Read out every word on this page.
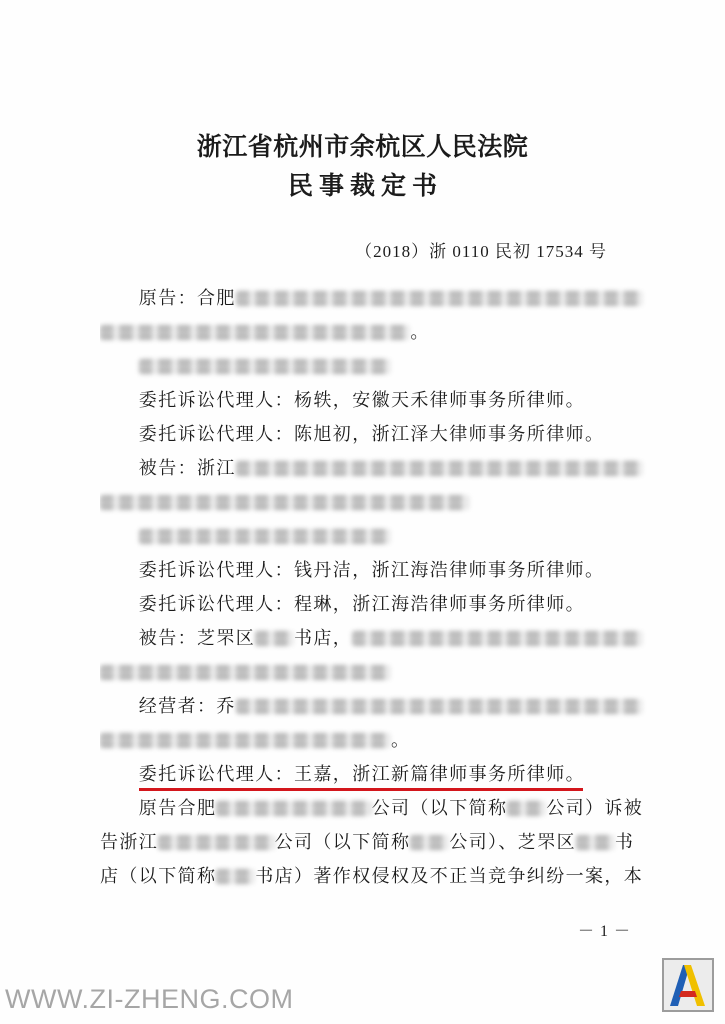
浙江省杭州市余杭区人民法院
民事裁定书
（2018）浙 0110 民初 17534 号
原告：合肥
。
委托诉讼代理人：杨轶，安徽天禾律师事务所律师。
委托诉讼代理人：陈旭初，浙江泽大律师事务所律师。
被告：浙江
委托诉讼代理人：钱丹洁，浙江海浩律师事务所律师。
委托诉讼代理人：程琳，浙江海浩律师事务所律师。
被告：芝罘区 书店，
经营者：乔
。
委托诉讼代理人：王嘉，浙江新篇律师事务所律师。
原告合肥	公司（以下简称 公司）诉被
告浙江	公司（以下简称 公司）、芝罘区 书
店（以下简称 书店）著作权侵权及不正当竞争纠纷一案，本
－ 1 －
WWW.ZI-ZHENG.COM
